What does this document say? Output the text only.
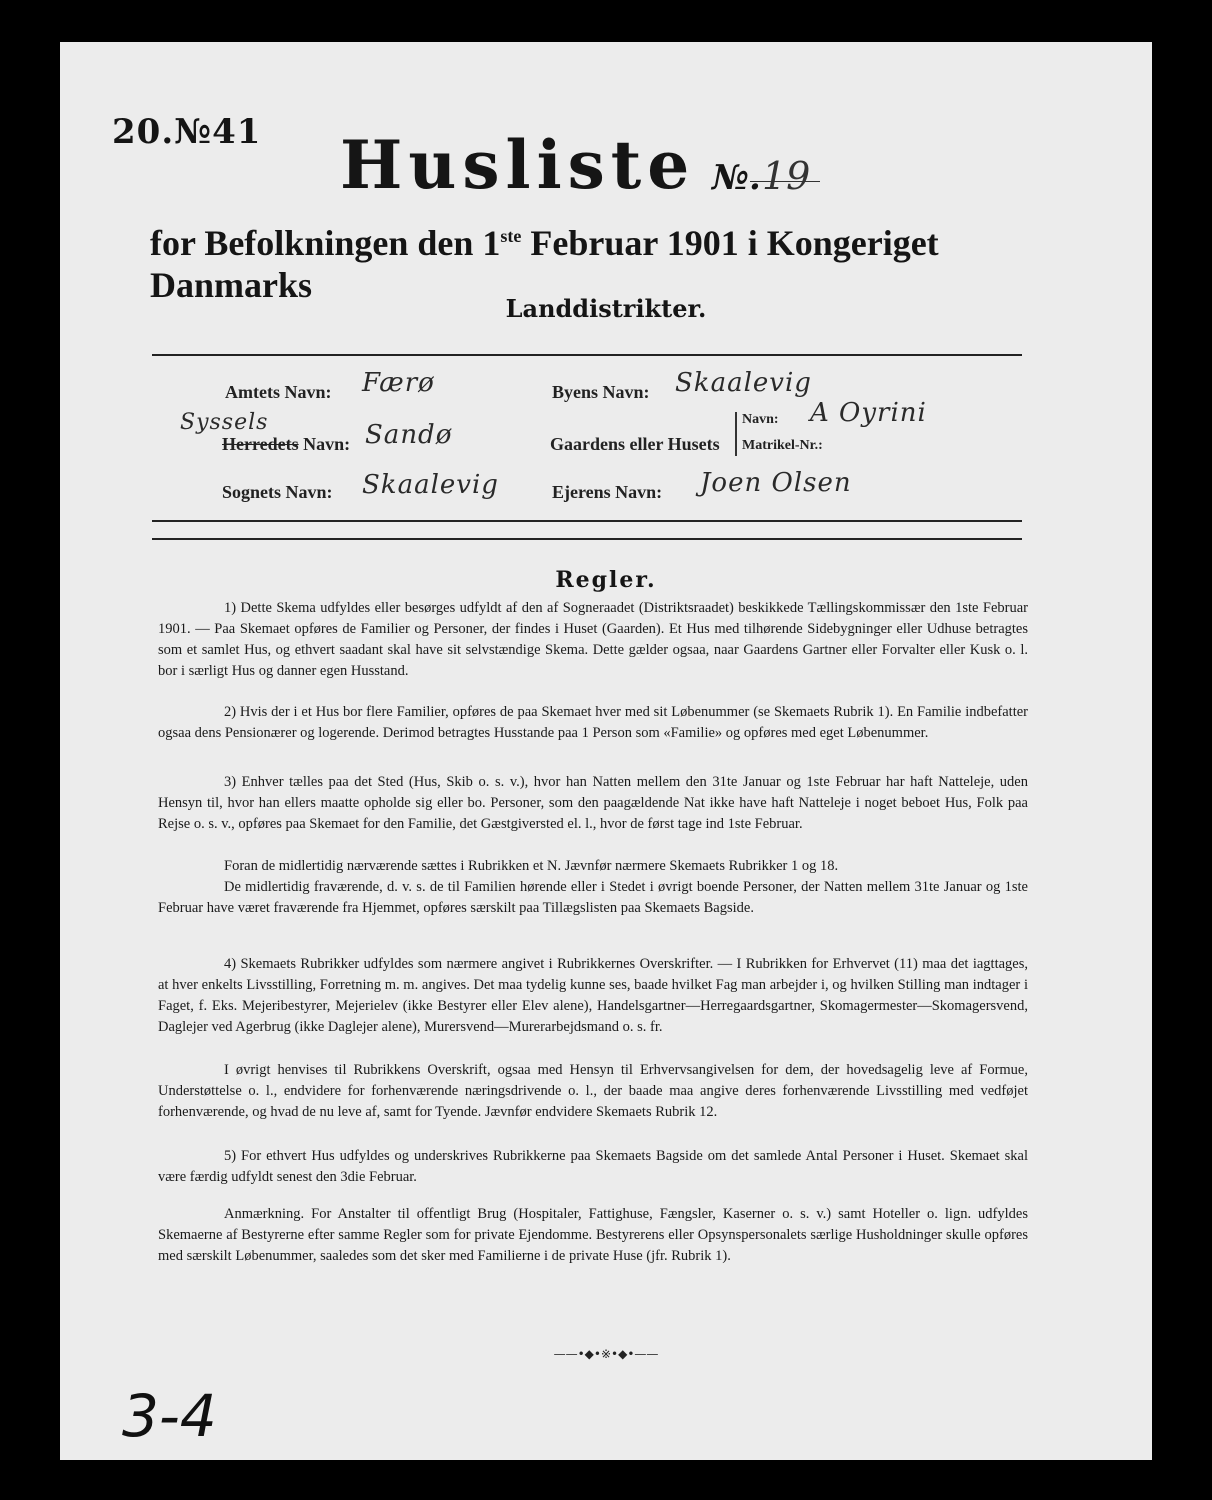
20.№41 Husliste №. 19
for Befolkningen den 1ste Februar 1901 i Kongeriget Danmarks
Landdistrikter.
Amtets Navn: Færø
Syssels
Herredets Navn: Sandø
Sognets Navn: Skaalevig
Byens Navn: Skaalevig
Gaardens eller Husets
Navn: A Oyrini
Matrikel-Nr.:
Ejerens Navn: Joen Olsen
Regler.
1) Dette Skema udfyldes eller besørges udfyldt af den af Sogneraadet (Distriktsraadet) beskikkede Tællingskommissær den 1ste Februar 1901. — Paa Skemaet opføres de Familier og Personer, der findes i Huset (Gaarden). Et Hus med tilhørende Sidebygninger eller Udhuse betragtes som et samlet Hus, og ethvert saadant skal have sit selvstændige Skema. Dette gælder ogsaa, naar Gaardens Gartner eller Forvalter eller Kusk o. l. bor i særligt Hus og danner egen Husstand.
2) Hvis der i et Hus bor flere Familier, opføres de paa Skemaet hver med sit Løbenummer (se Skemaets Rubrik 1). En Familie indbefatter ogsaa dens Pensionærer og logerende. Derimod betragtes Husstande paa 1 Person som «Familie» og opføres med eget Løbenummer.
3) Enhver tælles paa det Sted (Hus, Skib o. s. v.), hvor han Natten mellem den 31te Januar og 1ste Februar har haft Natteleje, uden Hensyn til, hvor han ellers maatte opholde sig eller bo. Personer, som den paagældende Nat ikke have haft Natteleje i noget beboet Hus, Folk paa Rejse o. s. v., opføres paa Skemaet for den Familie, det Gæstgiversted el. l., hvor de først tage ind 1ste Februar.
Foran de midlertidig nærværende sættes i Rubrikken et N. Jævnfør nærmere Skemaets Rubrikker 1 og 18.
De midlertidig fraværende, d. v. s. de til Familien hørende eller i Stedet i øvrigt boende Personer, der Natten mellem 31te Januar og 1ste Februar have været fraværende fra Hjemmet, opføres særskilt paa Tillægslisten paa Skemaets Bagside.
4) Skemaets Rubrikker udfyldes som nærmere angivet i Rubrikkernes Overskrifter. — I Rubrikken for Erhvervet (11) maa det iagttages, at hver enkelts Livsstilling, Forretning m. m. angives. Det maa tydelig kunne ses, baade hvilket Fag man arbejder i, og hvilken Stilling man indtager i Faget, f. Eks. Mejeribestyrer, Mejerielev (ikke Bestyrer eller Elev alene), Handelsgartner—Herregaardsgartner, Skomagermester—Skomagersvend, Daglejer ved Agerbrug (ikke Daglejer alene), Murersvend—Murerarbejdsmand o. s. fr.
I øvrigt henvises til Rubrikkens Overskrift, ogsaa med Hensyn til Erhvervsangivelsen for dem, der hovedsagelig leve af Formue, Understøttelse o. l., endvidere for forhenværende næringsdrivende o. l., der baade maa angive deres forhenværende Livsstilling med vedføjet forhenværende, og hvad de nu leve af, samt for Tyende. Jævnfør endvidere Skemaets Rubrik 12.
5) For ethvert Hus udfyldes og underskrives Rubrikkerne paa Skemaets Bagside om det samlede Antal Personer i Huset. Skemaet skal være færdig udfyldt senest den 3die Februar.
Anmærkning. For Anstalter til offentligt Brug (Hospitaler, Fattighuse, Fængsler, Kaserner o. s. v.) samt Hoteller o. lign. udfyldes Skemaerne af Bestyrerne efter samme Regler som for private Ejendomme. Bestyrerens eller Opsynspersonalets særlige Husholdninger skulle opføres med særskilt Løbenummer, saaledes som det sker med Familierne i de private Huse (jfr. Rubrik 1).
——•◆•※•◆•——
3-4
